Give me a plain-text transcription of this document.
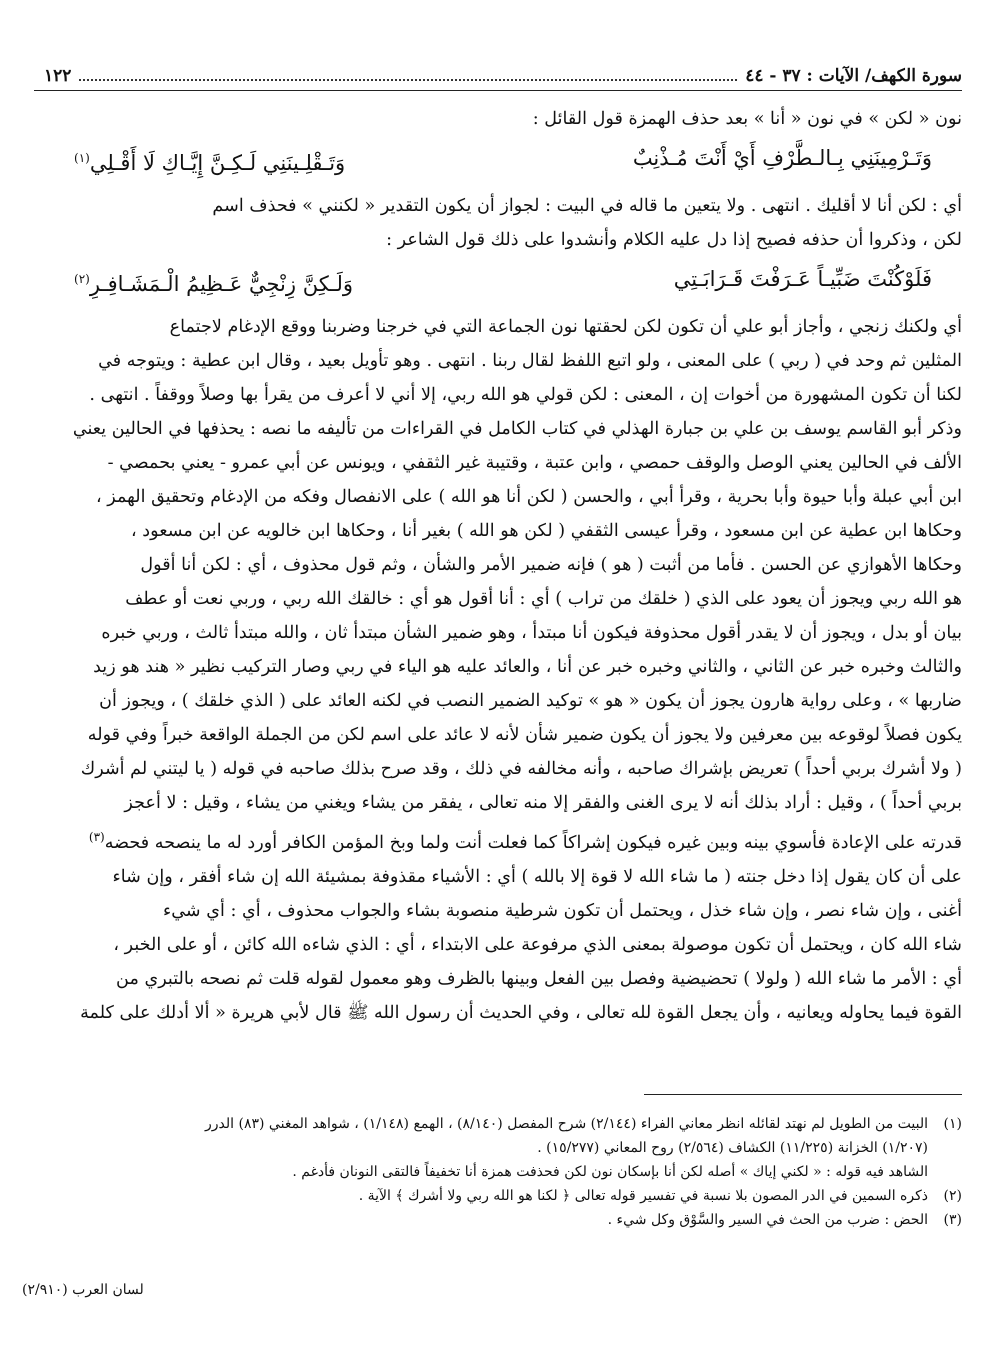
سورة الكهف/ الآيات : ٣٧ - ٤٤
١٢٢

نون « لكن » في نون « أنا » بعد حذف الهمزة قول القائل :

وَتَـرْمِينَنِي بِـالـطَّرْفِ أَيْ أَنْتَ مُـذْنِبٌ
وَتَـقْلِـينَنِي لَـكِـنَّ إِيَّـاكِ لَا أَقْـلِي$^{(١)}$

أي : لكن أنا لا أقليك . انتهى . ولا يتعين ما قاله في البيت : لجواز أن يكون التقدير « لكنني » فحذف اسم

لكن ، وذكروا أن حذفه فصيح إذا دل عليه الكلام وأنشدوا على ذلك قول الشاعر :

فَلَوْكُنْتَ ضَبِّيـاً عَـرَفْتَ قَـرَابَـتِي
وَلَـكِنَّ زِنْجِيٌّ عَـظِيمُ الْـمَشَـافِـرِ$^{(٢)}$

أي ولكنك زنجي ، وأجاز أبو علي أن تكون لكن لحقتها نون الجماعة التي في خرجنا وضربنا ووقع الإدغام لاجتماع

المثلين ثم وحد في ( ربي ) على المعنى ، ولو اتبع اللفظ لقال ربنا . انتهى . وهو تأويل بعيد ، وقال ابن عطية : ويتوجه في

لكنا أن تكون المشهورة من أخوات إن ، المعنى : لكن قولي هو الله ربي، إلا أني لا أعرف من يقرأ بها وصلاً ووقفاً . انتهى .

وذكر أبو القاسم يوسف بن علي بن جبارة الهذلي في كتاب الكامل في القراءات من تأليفه ما نصه : يحذفها في الحالين يعني

الألف في الحالين يعني الوصل والوقف حمصي ، وابن عتبة ، وقتيبة غير الثقفي ، ويونس عن أبي عمرو - يعني بحمصي -

ابن أبي عبلة وأبا حيوة وأبا بحرية ، وقرأ أبي ، والحسن ( لكن أنا هو الله ) على الانفصال وفكه من الإدغام وتحقيق الهمز ،

وحكاها ابن عطية عن ابن مسعود ، وقرأ عيسى الثقفي ( لكن هو الله ) بغير أنا ، وحكاها ابن خالويه عن ابن مسعود ،

وحكاها الأهوازي عن الحسن . فأما من أثبت ( هو ) فإنه ضمير الأمر والشأن ، وثم قول محذوف ، أي : لكن أنا أقول

هو الله ربي ويجوز أن يعود على الذي ( خلقك من تراب ) أي : أنا أقول هو أي : خالقك الله ربي ، وربي نعت أو عطف

بيان أو بدل ، ويجوز أن لا يقدر أقول محذوفة فيكون أنا مبتدأ ، وهو ضمير الشأن مبتدأ ثان ، والله مبتدأ ثالث ، وربي خبره

والثالث وخبره خبر عن الثاني ، والثاني وخبره خبر عن أنا ، والعائد عليه هو الياء في ربي وصار التركيب نظير « هند هو زيد

ضاربها » ، وعلى رواية هارون يجوز أن يكون « هو » توكيد الضمير النصب في لكنه العائد على ( الذي خلقك ) ، ويجوز أن

يكون فصلاً لوقوعه بين معرفين ولا يجوز أن يكون ضمير شأن لأنه لا عائد على اسم لكن من الجملة الواقعة خبراً وفي قوله

( ولا أشرك بربي أحداً ) تعريض بإشراك صاحبه ، وأنه مخالفه في ذلك ، وقد صرح بذلك صاحبه في قوله ( يا ليتني لم أشرك

بربي أحداً ) ، وقيل : أراد بذلك أنه لا يرى الغنى والفقر إلا منه تعالى ، يفقر من يشاء ويغني من يشاء ، وقيل : لا أعجز

قدرته على الإعادة فأسوي بينه وبين غيره فيكون إشراكاً كما فعلت أنت ولما وبخ المؤمن الكافر أورد له ما ينصحه فحضه$^{(٣)}$

على أن كان يقول إذا دخل جنته ( ما شاء الله لا قوة إلا بالله ) أي : الأشياء مقذوفة بمشيئة الله إن شاء أفقر ، وإن شاء

أغنى ، وإن شاء نصر ، وإن شاء خذل ، ويحتمل أن تكون شرطية منصوبة بشاء والجواب محذوف ، أي : أي شيء

شاء الله كان ، ويحتمل أن تكون موصولة بمعنى الذي مرفوعة على الابتداء ، أي : الذي شاءه الله كائن ، أو على الخبر ،

أي : الأمر ما شاء الله ( ولولا ) تحضيضية وفصل بين الفعل وبينها بالظرف وهو معمول لقوله قلت ثم نصحه بالتبري من

القوة فيما يحاوله ويعانيه ، وأن يجعل القوة لله تعالى ، وفي الحديث أن رسول الله ﷺ قال لأبي هريرة « ألا أدلك على كلمة

(١)
البيت من الطويل لم نهتد لقائله انظر معاني الفراء (٢/١٤٤) شرح المفصل (٨/١٤٠) ، الهمع (١/١٤٨) ، شواهد المغني (٨٣) الدرر
(١/٢٠٧) الخزانة (١١/٢٢٥) الكشاف (٢/٥٦٤) روح المعاني (١٥/٢٧٧) .
الشاهد فيه قوله : « لكني إياك » أصله لكن أنا بإسكان نون لكن فحذفت همزة أنا تخفيفاً فالتقى النونان فأدغم .
(٢)
ذكره السمين في الدر المصون بلا نسبة في تفسير قوله تعالى ﴿ لكنا هو الله ربي ولا أشرك ﴾ الآية .
(٣)
الحض : ضرب من الحث في السير والسَّوْق وكل شيء .
لسان العرب (٢/٩١٠)
